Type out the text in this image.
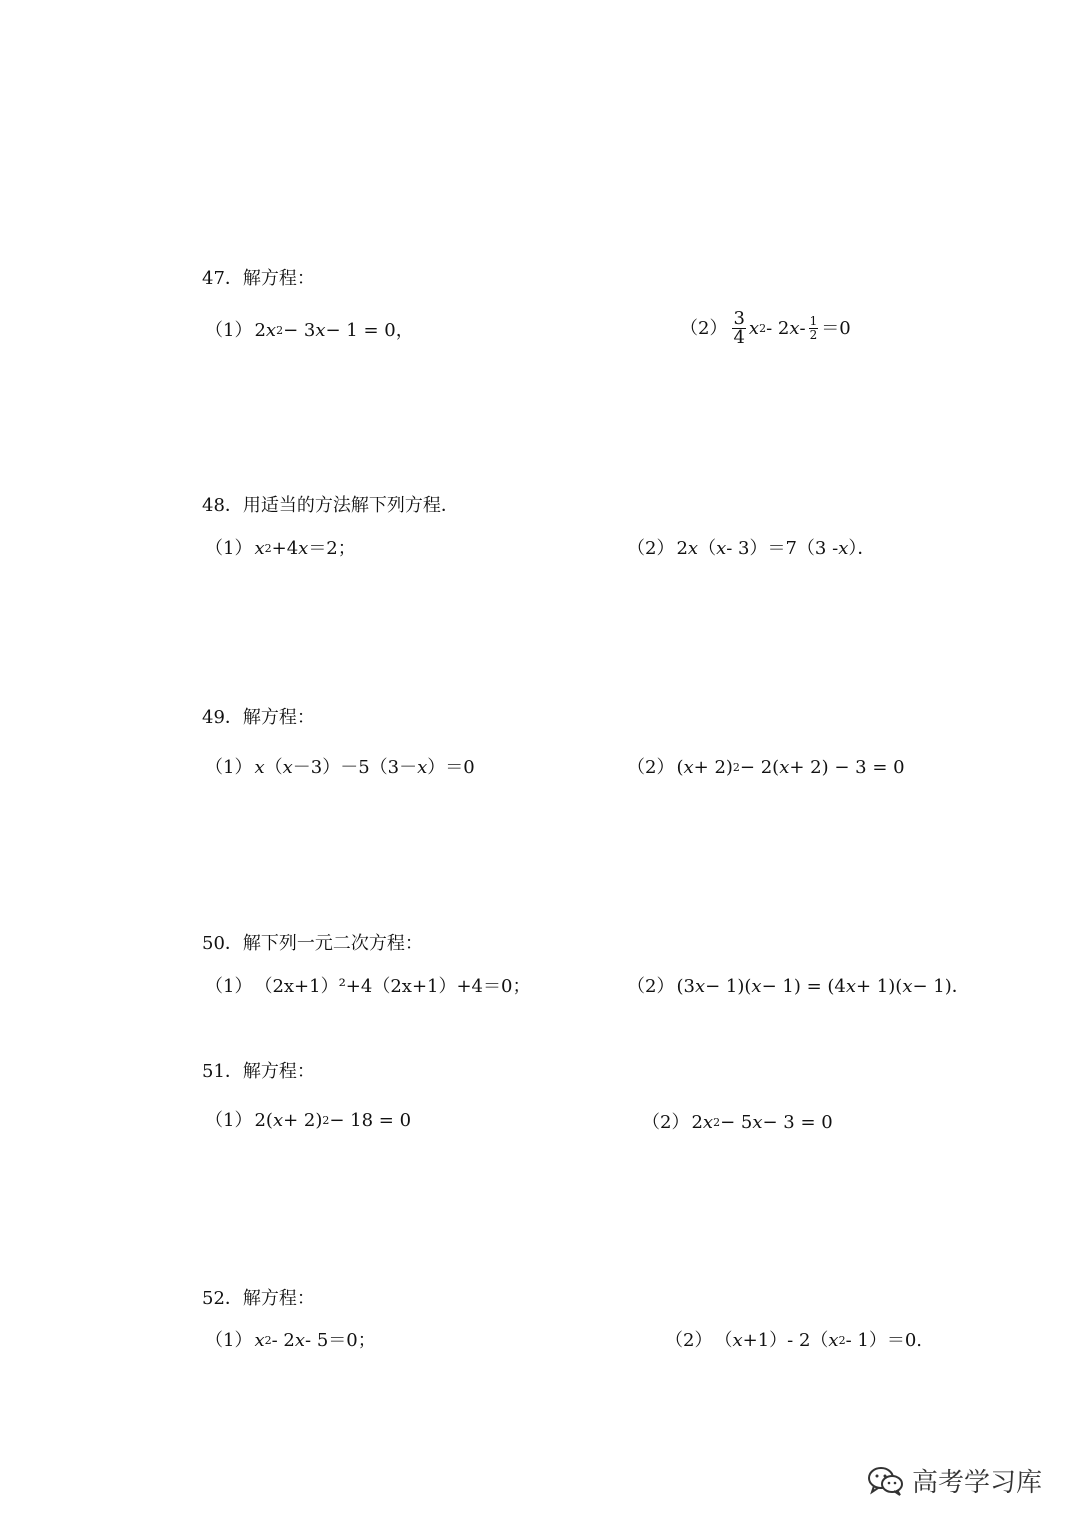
47．解方程：
（1） 2 x 2 − 3 x − 1 = 0，	$(2) \frac{3}{4}$ x 2 - 2 $x - \frac{1}{2} =0$
48．用适当的方法解下列方程．
（1） x 2 +4 x ＝2；	（2） 2 x （ x - 3）＝7（3 - x ）．
49．解方程：
（1） x （ x －3）－5（3－ x ）＝0	（2） ( x + 2) 2 − 2( x + 2) − 3 = 0
50．解下列一元二次方程：
（1） （2x+1）²+4（2x+1）+4＝0；	（2） (3 x − 1)( x − 1) = (4 x + 1)( x − 1)．
51．解方程：
（1） 2( x + 2) 2 − 18 = 0	（2） 2 x 2 − 5 x − 3 = 0
52．解方程：
（1） x 2 - 2 x - 5＝0；	（2） （ x +1）- 2（ x 2 - 1）＝0.
高考学习库
